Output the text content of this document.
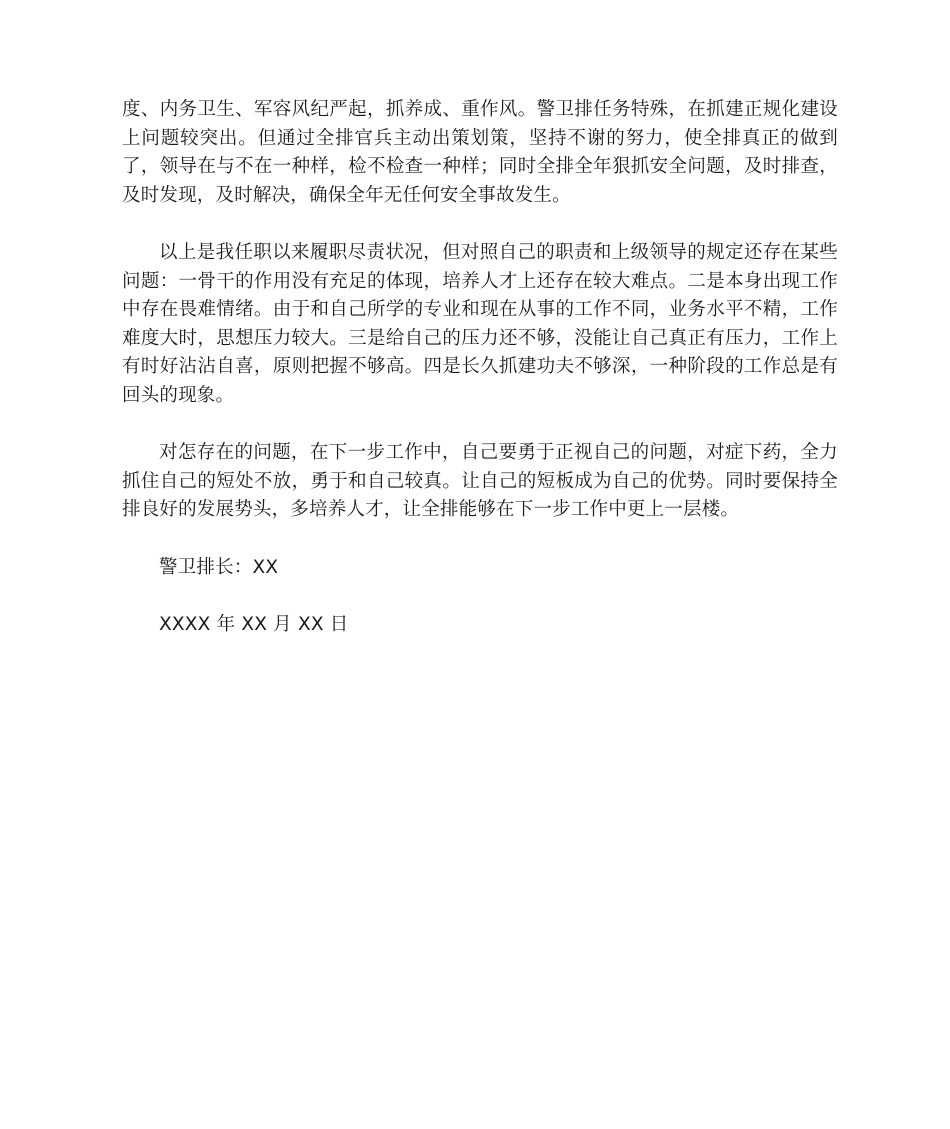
度、内务卫生、军容风纪严起，抓养成、重作风。警卫排任务特殊，在抓建正规化建设上问题较突出。但通过全排官兵主动出策划策，坚持不谢的努力，使全排真正的做到了，领导在与不在一种样，检不检查一种样；同时全排全年狠抓安全问题，及时排查，及时发现，及时解决，确保全年无任何安全事故发生。

以上是我任职以来履职尽责状况，但对照自己的职责和上级领导的规定还存在某些问题：一骨干的作用没有充足的体现，培养人才上还存在较大难点。二是本身出现工作中存在畏难情绪。由于和自己所学的专业和现在从事的工作不同，业务水平不精，工作难度大时，思想压力较大。三是给自己的压力还不够，没能让自己真正有压力，工作上有时好沾沾自喜，原则把握不够高。四是长久抓建功夫不够深，一种阶段的工作总是有回头的现象。

对怎存在的问题，在下一步工作中，自己要勇于正视自己的问题，对症下药，全力抓住自己的短处不放，勇于和自己较真。让自己的短板成为自己的优势。同时要保持全排良好的发展势头，多培养人才，让全排能够在下一步工作中更上一层楼。

警卫排长：XX

XXXX 年 XX 月 XX 日
